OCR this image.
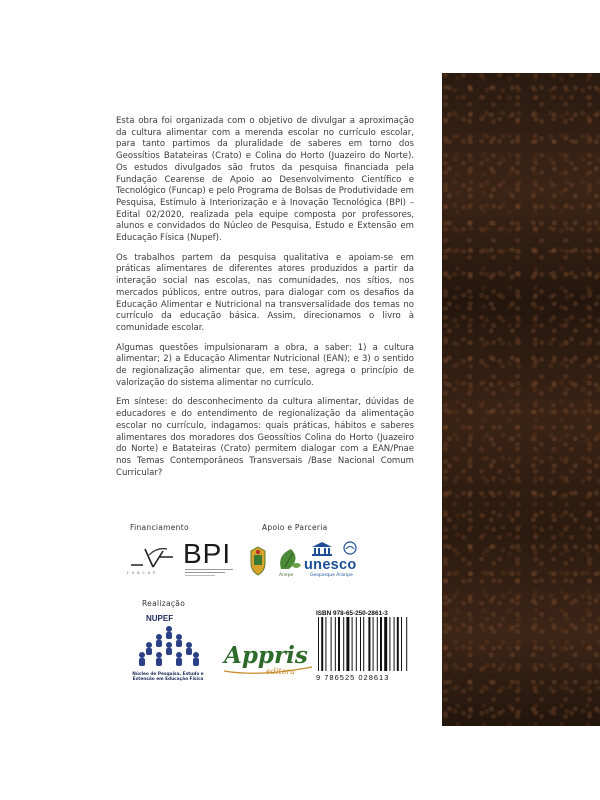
Esta obra foi organizada com o objetivo de divulgar a aproximação da cultura alimentar com a merenda escolar no currículo escolar, para tanto partimos da pluralidade de saberes em torno dos Geossítios Batateiras (Crato) e Colina do Horto (Juazeiro do Norte). Os estudos divulgados são frutos da pesquisa financiada pela Fundação Cearense de Apoio ao Desenvolvimento Científico e Tecnológico (Funcap) e pelo Programa de Bolsas de Produtividade em Pesquisa, Estímulo à Interiorização e à Inovação Tecnológica (BPI) – Edital 02/2020, realizada pela equipe composta por professores, alunos e convidados do Núcleo de Pesquisa, Estudo e Extensão em Educação Física (Nupef).

Os trabalhos partem da pesquisa qualitativa e apoiam-se em práticas alimentares de diferentes atores produzidos a partir da interação social nas escolas, nas comunidades, nos sítios, nos mercados públicos, entre outros, para dialogar com os desafios da Educação Alimentar e Nutricional na transversalidade dos temas no currículo da educação básica. Assim, direcionamos o livro à comunidade escolar.

Algumas questões impulsionaram a obra, a saber: 1) a cultura alimentar; 2) a Educação Alimentar Nutricional (EAN); e 3) o sentido de regionalização alimentar que, em tese, agrega o princípio de valorização do sistema alimentar no currículo.

Em síntese: do desconhecimento da cultura alimentar, dúvidas de educadores e do entendimento de regionalização da alimentação escolar no currículo, indagamos: quais práticas, hábitos e saberes alimentares dos moradores dos Geossítios Colina do Horto (Juazeiro do Norte) e Batateiras (Crato) permitem dialogar com a EAN/Pnae nos Temas Contemporâneos Transversais /Base Nacional Comum Curricular?

Financiamento
FUNCAP
BPI
Apoio e Parceria
Anepe
unesco
Geoparque Araripe
Realização
NUPEF
Núcleo de Pesquisa, Estudo e Extensão em Educação Física
Appris
editora
ISBN 978-65-250-2861-3
9 786525 028613
